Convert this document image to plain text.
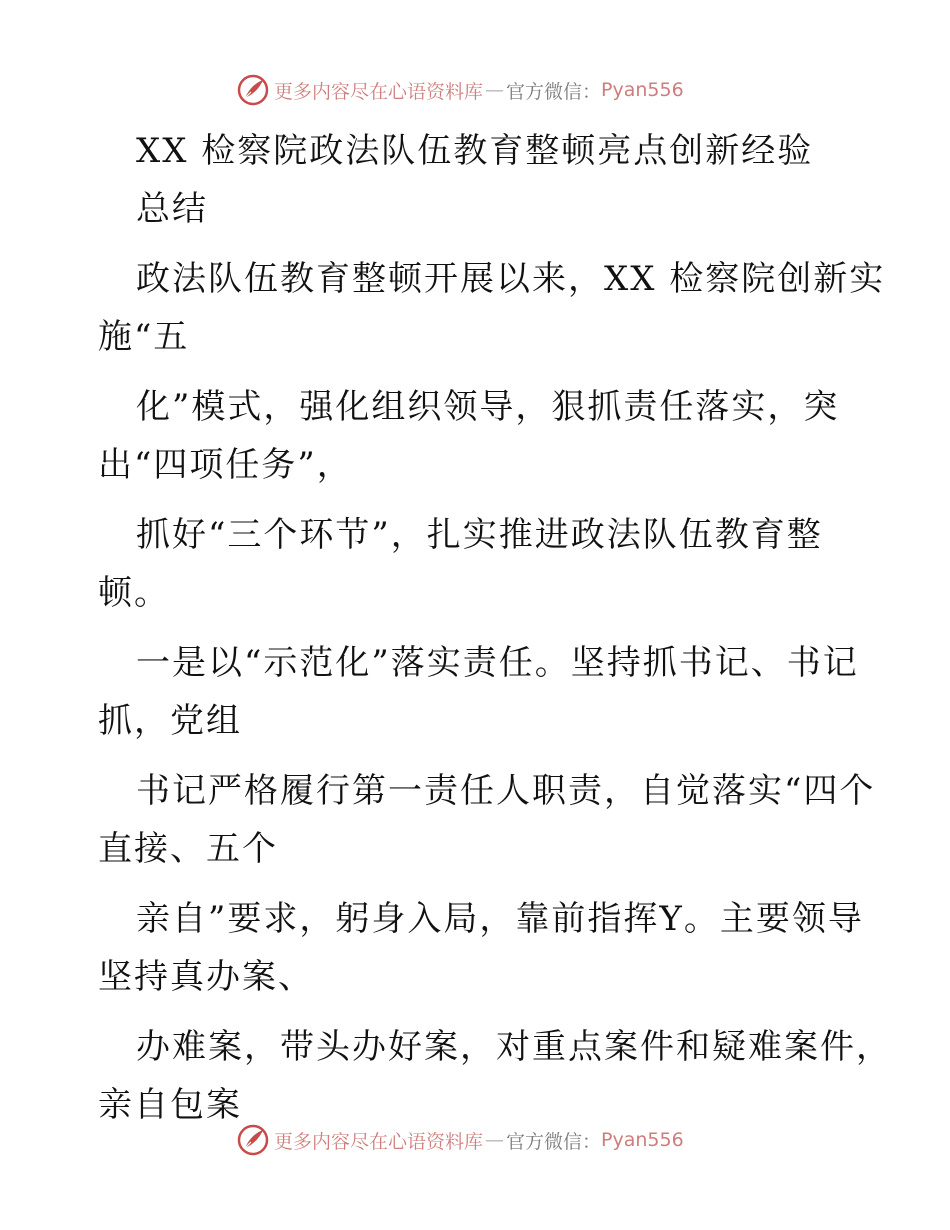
更多内容尽在心语资料库 — 官方微信： Pyan556
XX 检察院政法队伍教育整顿亮点创新经验
总结
政法队伍教育整顿开展以来，XX 检察院创新实
施“五
化”模式，强化组织领导，狠抓责任落实，突
出“四项任务”，
抓好“三个环节”，扎实推进政法队伍教育整
顿。
一是以“示范化”落实责任。坚持抓书记、书记
抓，党组
书记严格履行第一责任人职责，自觉落实“四个
直接、五个
亲自”要求，躬身入局，靠前指挥Y。主要领导
坚持真办案、
办难案，带头办好案，对重点案件和疑难案件，
亲自包案
更多内容尽在心语资料库 — 官方微信： Pyan556
